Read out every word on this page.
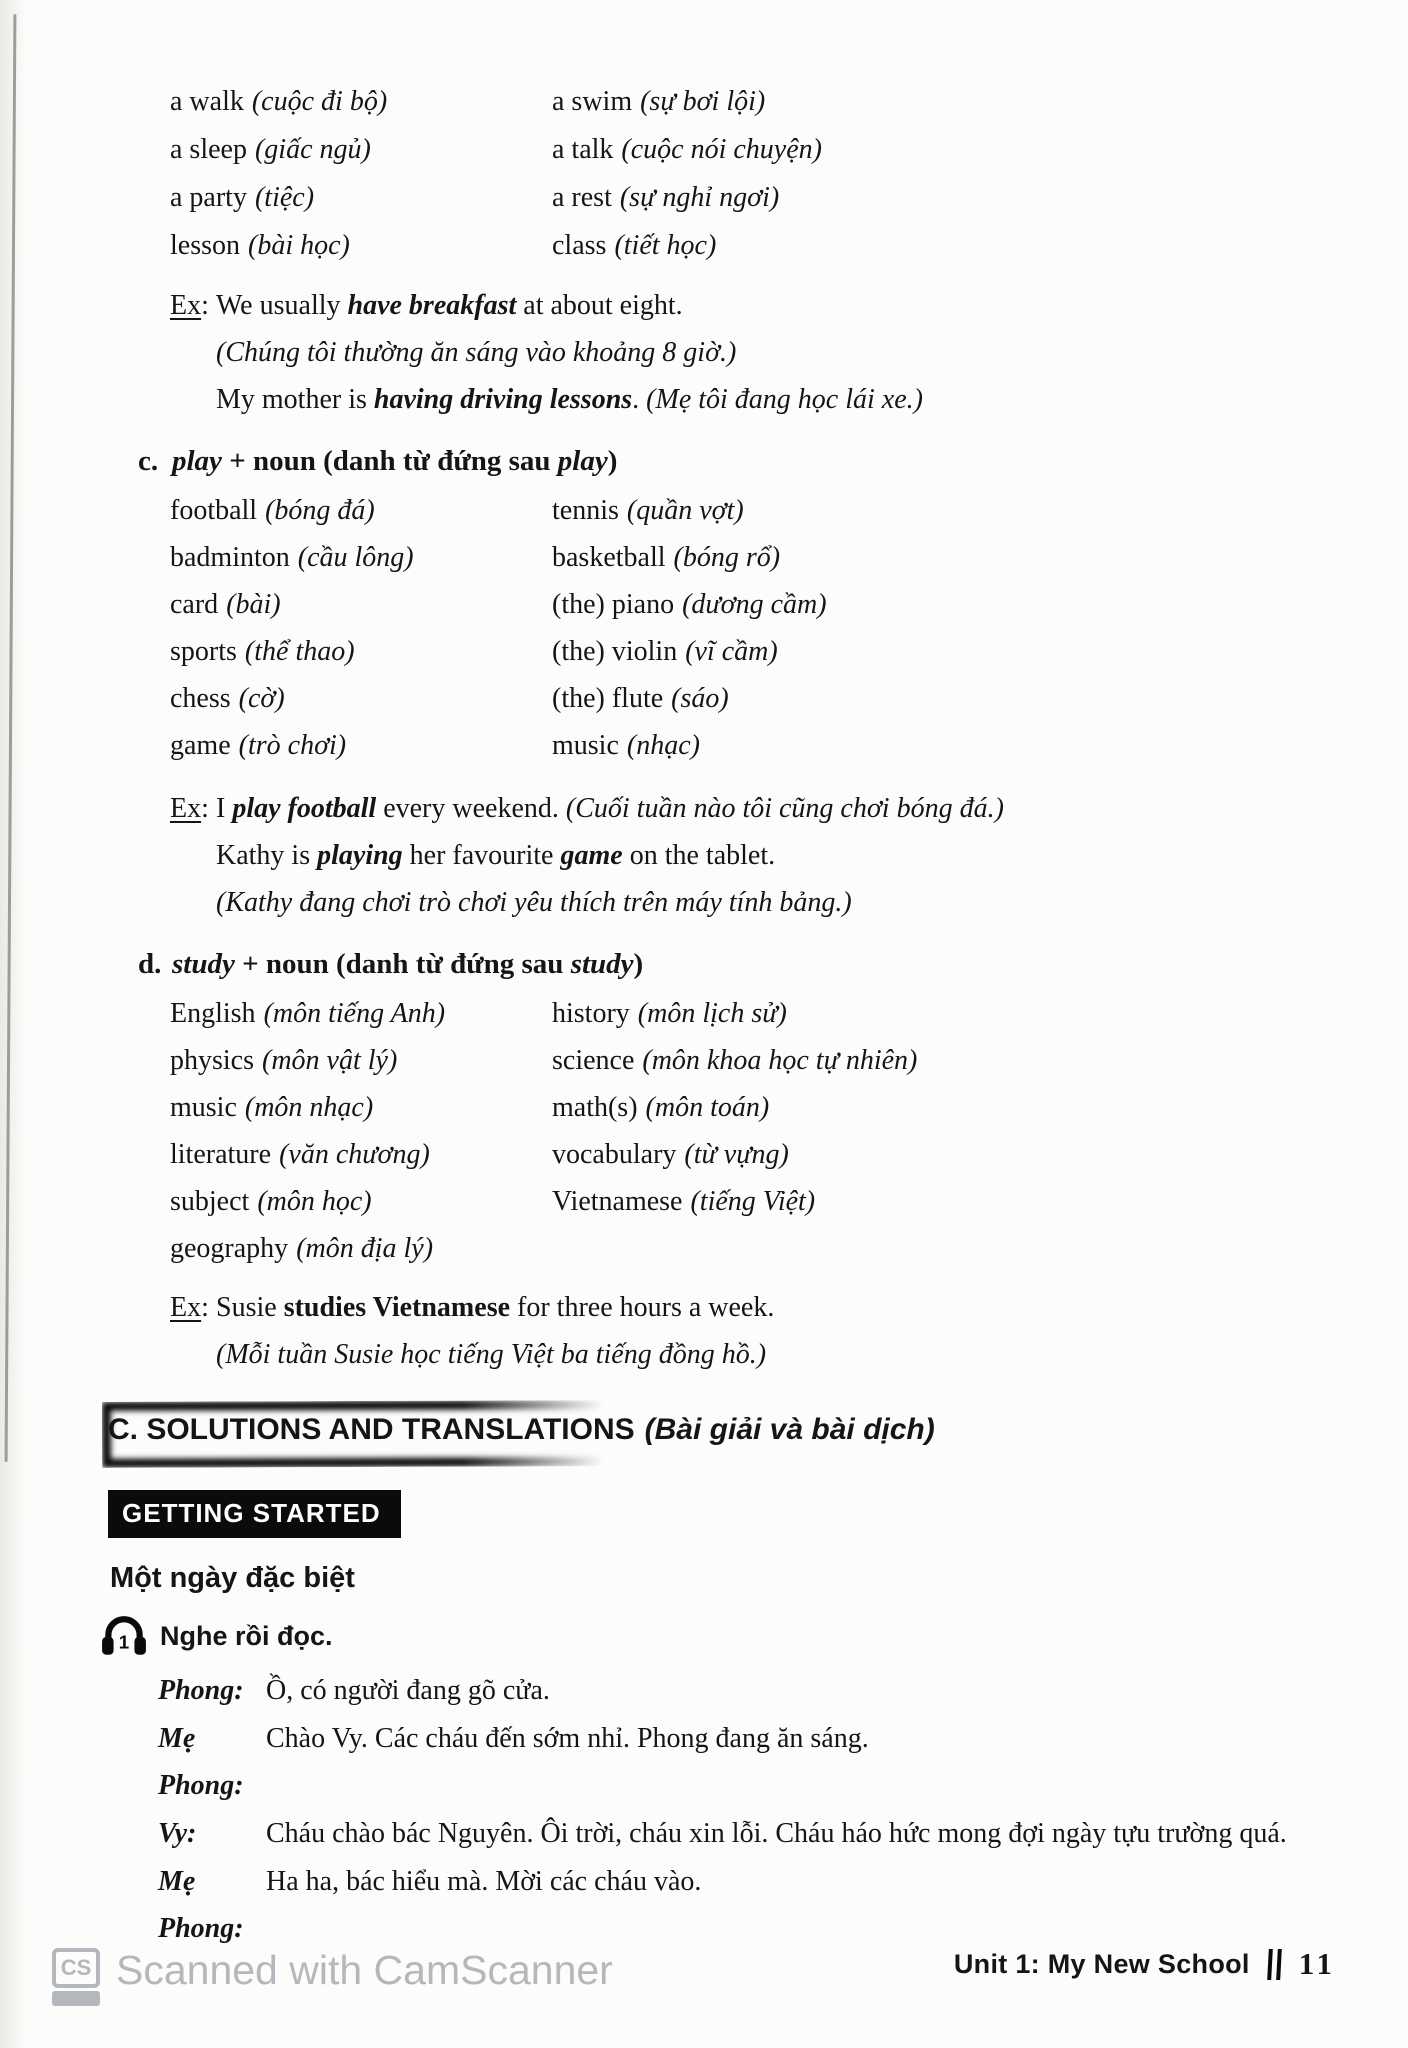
a walk (cuộc đi bộ)
a sleep (giấc ngủ)
a party (tiệc)
lesson (bài học)
a swim (sự bơi lội)
a talk (cuộc nói chuyện)
a rest (sự nghỉ ngơi)
class (tiết học)
Ex: We usually have breakfast at about eight.
(Chúng tôi thường ăn sáng vào khoảng 8 giờ.)
My mother is having driving lessons. (Mẹ tôi đang học lái xe.)
c. play + noun (danh từ đứng sau play)
football (bóng đá)
badminton (cầu lông)
card (bài)
sports (thể thao)
chess (cờ)
game (trò chơi)
tennis (quần vợt)
basketball (bóng rổ)
(the) piano (dương cầm)
(the) violin (vĩ cầm)
(the) flute (sáo)
music (nhạc)
Ex: I play football every weekend. (Cuối tuần nào tôi cũng chơi bóng đá.)
Kathy is playing her favourite game on the tablet.
(Kathy đang chơi trò chơi yêu thích trên máy tính bảng.)
d. study + noun (danh từ đứng sau study)
English (môn tiếng Anh)
physics (môn vật lý)
music (môn nhạc)
literature (văn chương)
subject (môn học)
geography (môn địa lý)
history (môn lịch sử)
science (môn khoa học tự nhiên)
math(s) (môn toán)
vocabulary (từ vựng)
Vietnamese (tiếng Việt)
Ex: Susie studies Vietnamese for three hours a week.
(Mỗi tuần Susie học tiếng Việt ba tiếng đồng hồ.)
C. SOLUTIONS AND TRANSLATIONS (Bài giải và bài dịch)
GETTING STARTED
Một ngày đặc biệt
1 Nghe rồi đọc.
Phong: Ồ, có người đang gõ cửa.
Mẹ Phong:
Chào Vy. Các cháu đến sớm nhỉ. Phong đang ăn sáng.
Vy:	Cháu chào bác Nguyên. Ôi trời, cháu xin lỗi. Cháu háo hức mong đợi ngày tựu trường quá.
Mẹ Phong:
Ha ha, bác hiểu mà. Mời các cháu vào.
CS Scanned with CamScanner	Unit 1: My New School 11
